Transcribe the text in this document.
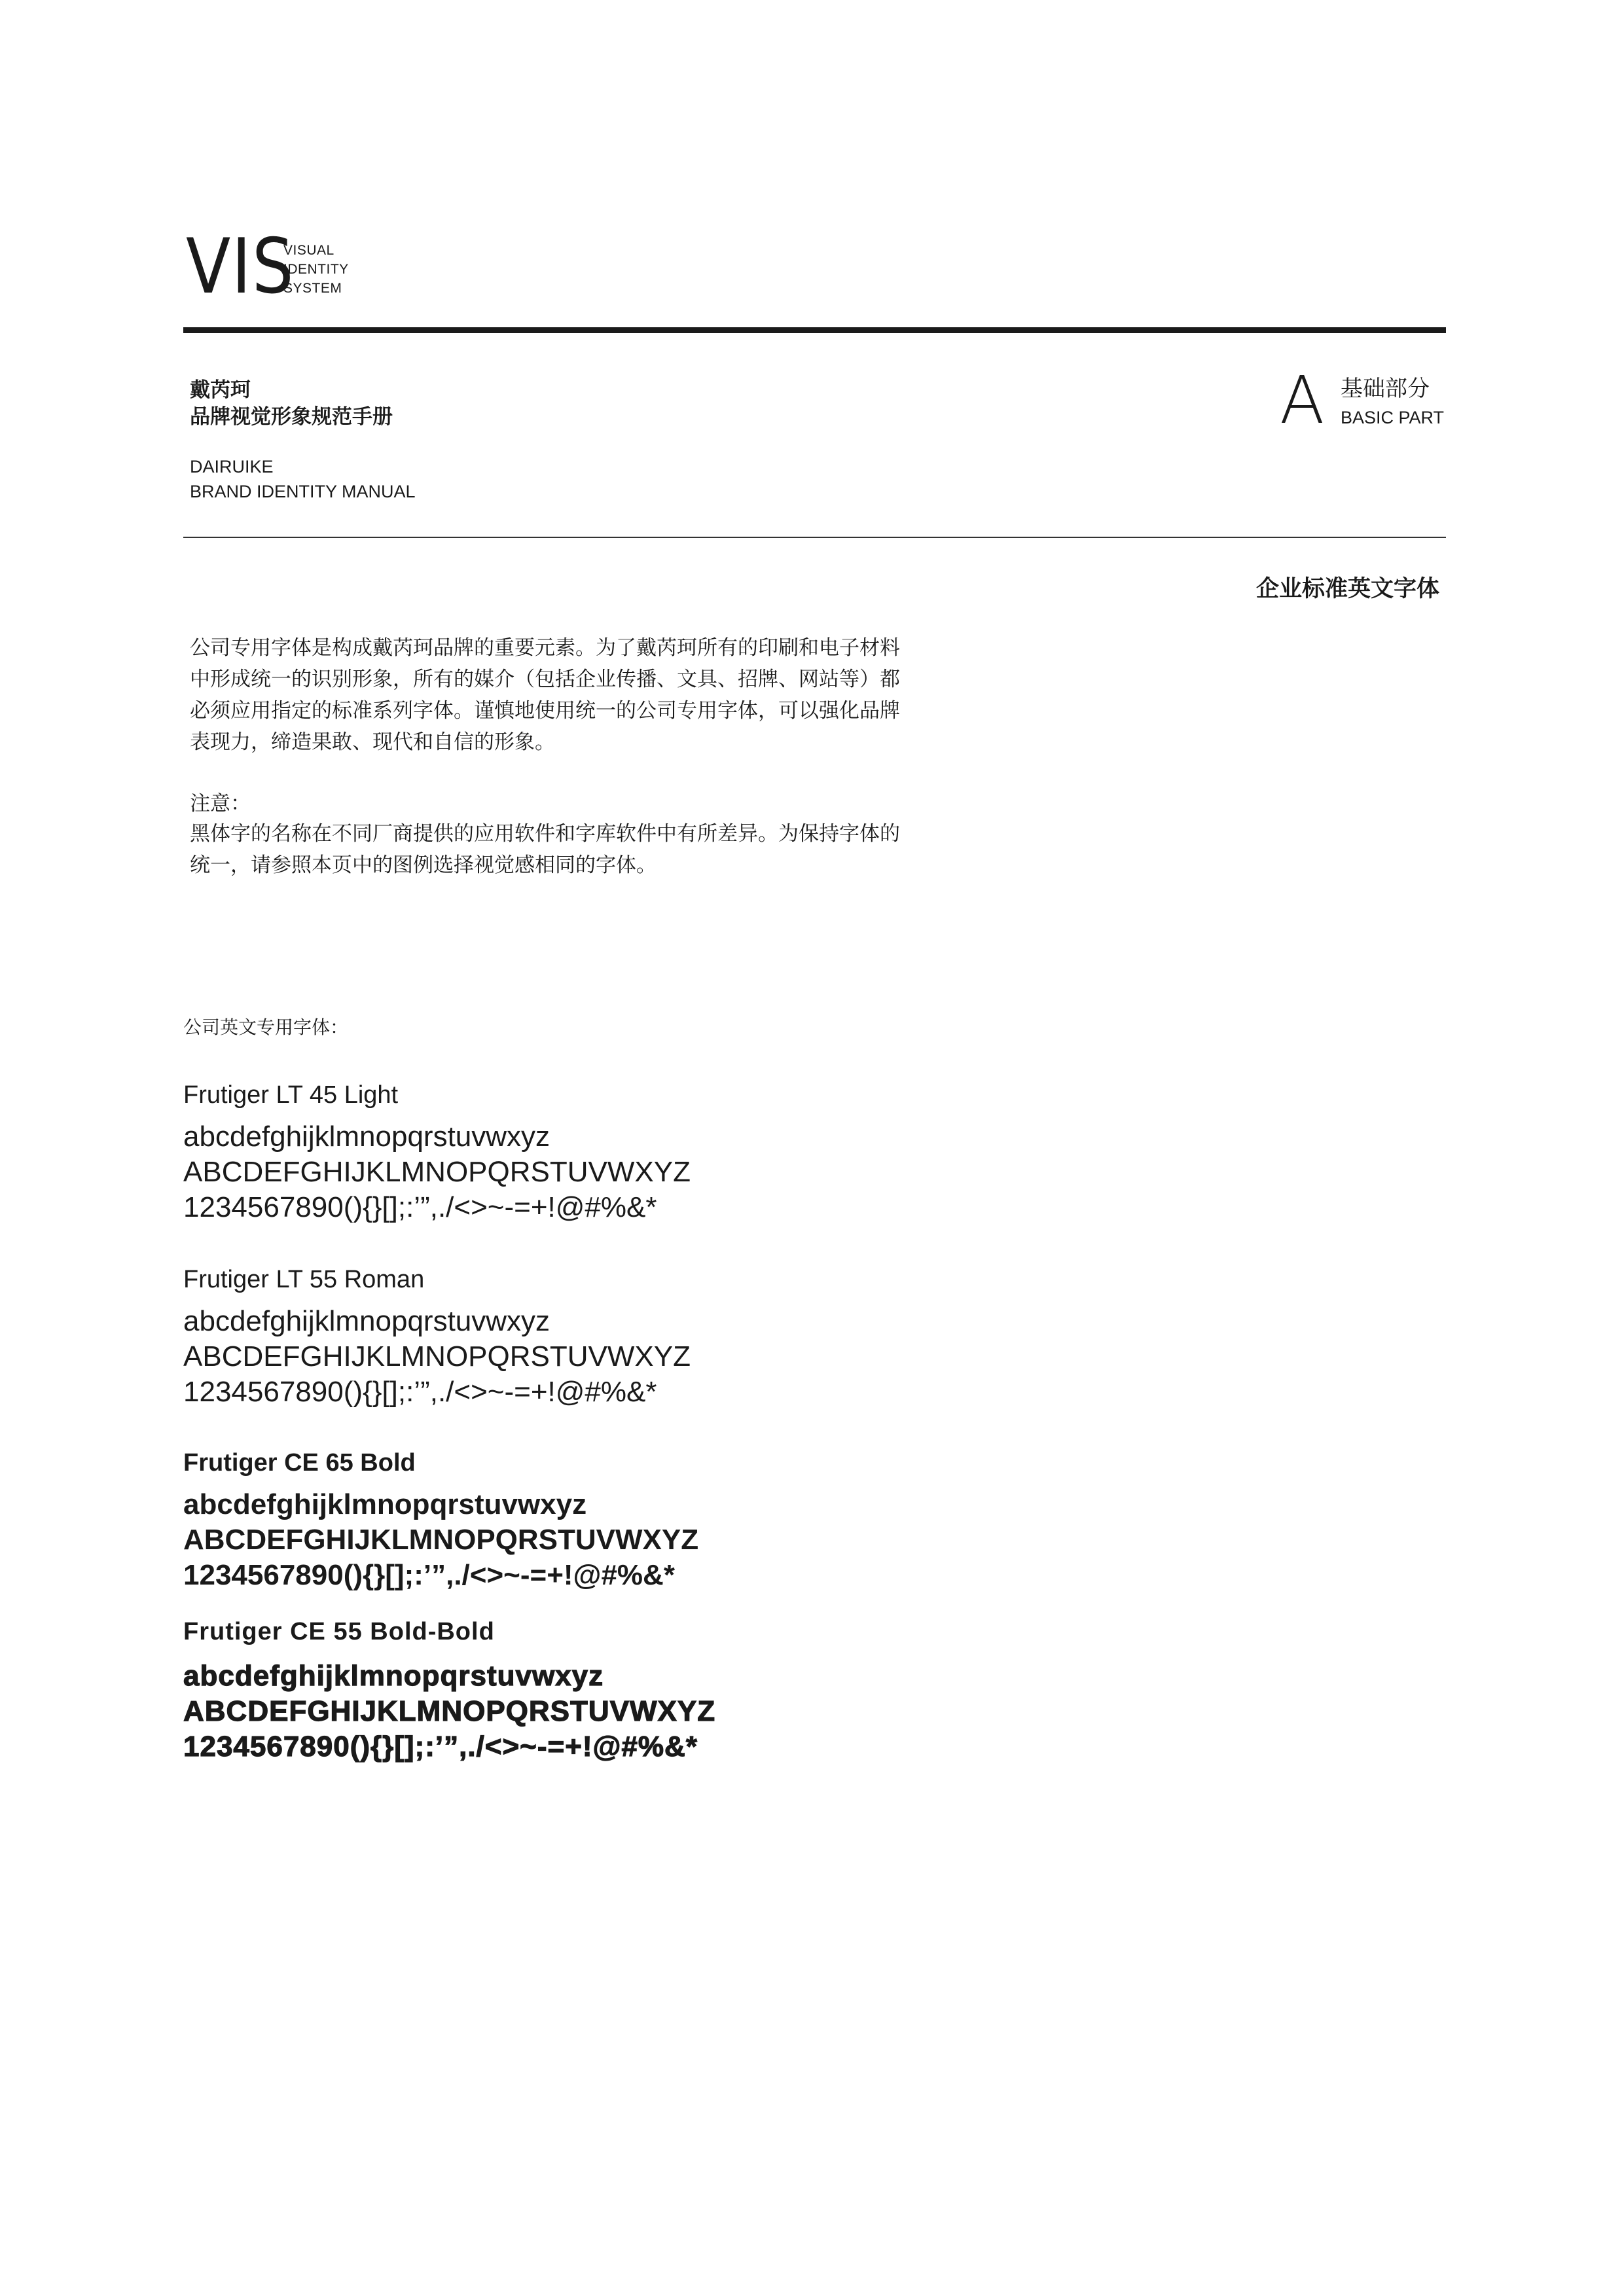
VIS
VISUAL
IDENTITY
SYSTEM
戴芮珂
品牌视觉形象规范手册
DAIRUIKE
BRAND IDENTITY MANUAL
A 基础部分
BASIC PART
企业标准英文字体
公司专用字体是构成戴芮珂品牌的重要元素。为了戴芮珂所有的印刷和电子材料
中形成统一的识别形象，所有的媒介（包括企业传播、文具、招牌、网站等）都
必须应用指定的标准系列字体。谨慎地使用统一的公司专用字体，可以强化品牌
表现力，缔造果敢、现代和自信的形象。
注意：
黑体字的名称在不同厂商提供的应用软件和字库软件中有所差异。为保持字体的
统一，请参照本页中的图例选择视觉感相同的字体。
公司英文专用字体：
Frutiger LT 45 Light
abcdefghijklmnopqrstuvwxyz
ABCDEFGHIJKLMNOPQRSTUVWXYZ
1234567890(){}[];:’”,./<>~-=+!@#%&*
Frutiger LT 55 Roman
abcdefghijklmnopqrstuvwxyz
ABCDEFGHIJKLMNOPQRSTUVWXYZ
1234567890(){}[];:’”,./<>~-=+!@#%&*
Frutiger CE 65 Bold
abcdefghijklmnopqrstuvwxyz
ABCDEFGHIJKLMNOPQRSTUVWXYZ
1234567890(){}[];:’”,./<>~-=+!@#%&*
Frutiger CE 55 Bold-Bold
abcdefghijklmnopqrstuvwxyz
ABCDEFGHIJKLMNOPQRSTUVWXYZ
1234567890(){}[];:’”,./<>~-=+!@#%&*
